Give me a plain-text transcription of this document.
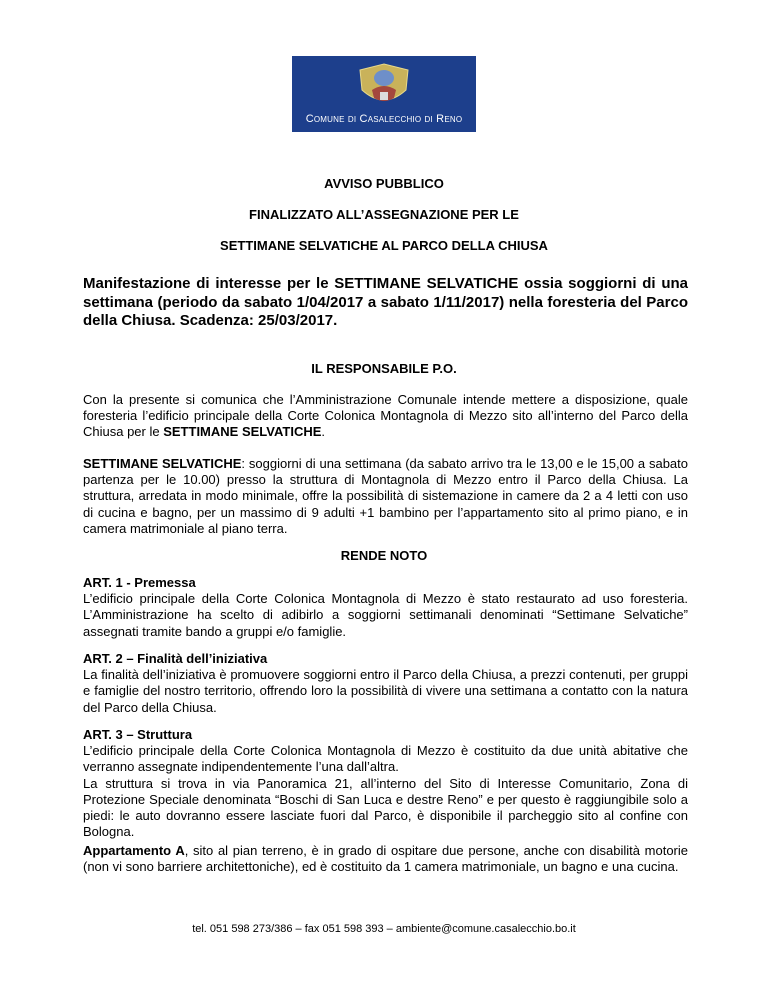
Comune di Casalecchio di Reno
AVVISO PUBBLICO
FINALIZZATO ALL’ASSEGNAZIONE PER LE
SETTIMANE SELVATICHE AL PARCO DELLA CHIUSA
Manifestazione di interesse per le SETTIMANE SELVATICHE ossia soggiorni di una settimana (periodo da sabato 1/04/2017 a sabato 1/11/2017) nella foresteria del Parco della Chiusa. Scadenza: 25/03/2017.
IL RESPONSABILE P.O.
Con la presente si comunica che l’Amministrazione Comunale intende mettere a disposizione, quale foresteria l’edificio principale della Corte Colonica Montagnola di Mezzo sito all’interno del Parco della Chiusa per le SETTIMANE SELVATICHE.
SETTIMANE SELVATICHE: soggiorni di una settimana (da sabato arrivo tra le 13,00 e le 15,00 a sabato partenza per le 10.00) presso la struttura di Montagnola di Mezzo entro il Parco della Chiusa. La struttura, arredata in modo minimale, offre la possibilità di sistemazione in camere da 2 a 4 letti con uso di cucina e bagno, per un massimo di 9 adulti +1 bambino per l’appartamento sito al primo piano, e in camera matrimoniale al piano terra.
RENDE NOTO
ART. 1 - Premessa
L’edificio principale della Corte Colonica Montagnola di Mezzo è stato restaurato ad uso foresteria. L’Amministrazione ha scelto di adibirlo a soggiorni settimanali denominati “Settimane Selvatiche” assegnati tramite bando a gruppi e/o famiglie.
ART. 2 – Finalità dell’iniziativa
La finalità dell’iniziativa è promuovere soggiorni entro il Parco della Chiusa, a prezzi contenuti, per gruppi e famiglie del nostro territorio, offrendo loro la possibilità di vivere una settimana a contatto con la natura del Parco della Chiusa.
ART. 3 – Struttura
L’edificio principale della Corte Colonica Montagnola di Mezzo è costituito da due unità abitative che verranno assegnate indipendentemente l’una dall’altra.
La struttura si trova in via Panoramica 21, all’interno del Sito di Interesse Comunitario, Zona di Protezione Speciale denominata “Boschi di San Luca e destre Reno” e per questo è raggiungibile solo a piedi: le auto dovranno essere lasciate fuori dal Parco, è disponibile il parcheggio sito al confine con Bologna.
Appartamento A, sito al pian terreno, è in grado di ospitare due persone, anche con disabilità motorie (non vi sono barriere architettoniche), ed è costituito da 1 camera matrimoniale, un bagno e una cucina.
tel. 051 598 273/386 – fax 051 598 393 – ambiente@comune.casalecchio.bo.it
